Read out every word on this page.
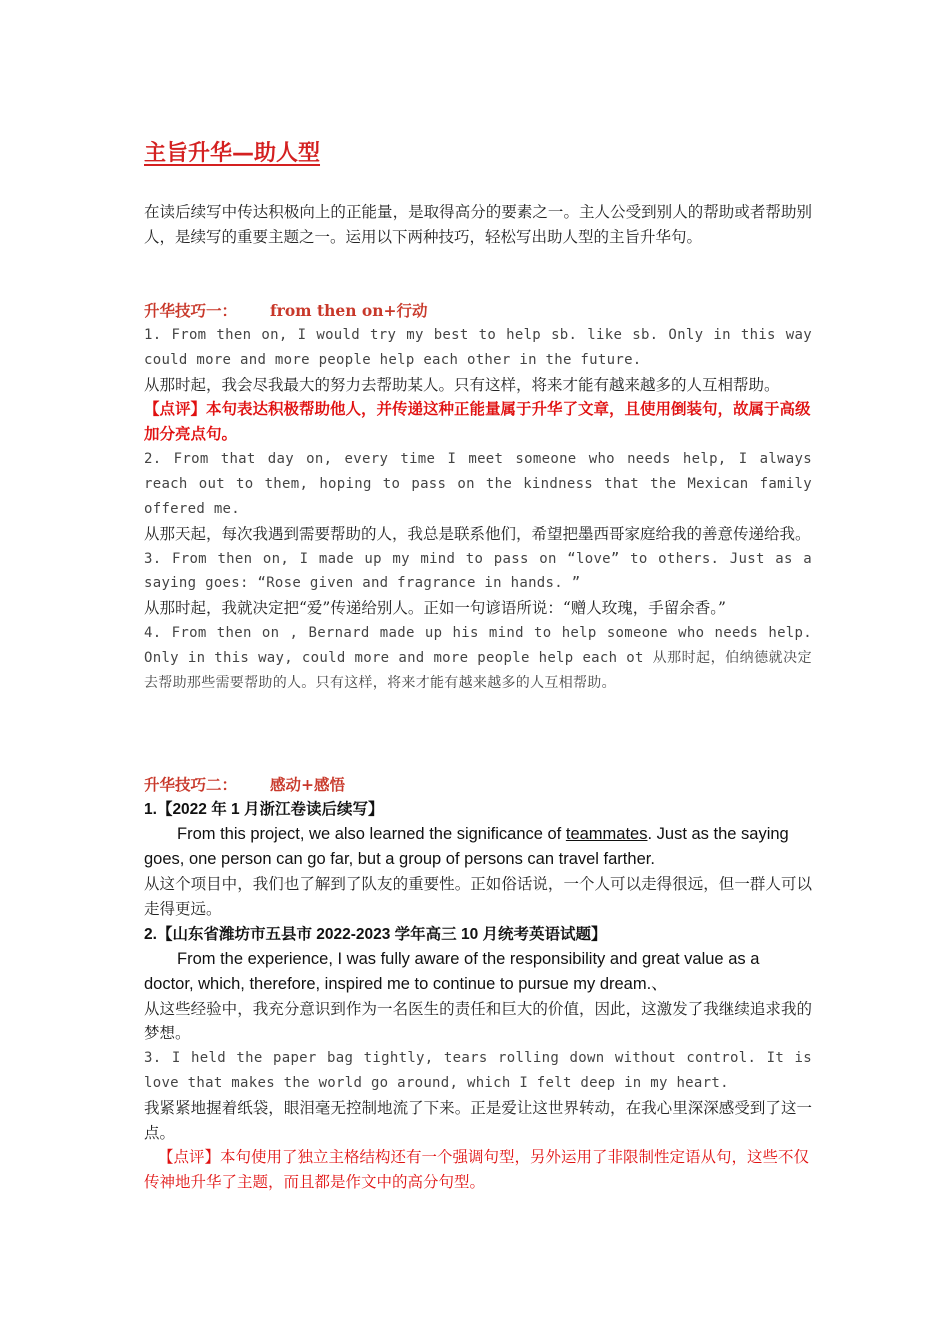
主旨升华—助人型

在读后续写中传达积极向上的正能量，是取得高分的要素之一。主人公受到别人的帮助或者帮助别人，是续写的重要主题之一。运用以下两种技巧，轻松写出助人型的主旨升华句。

升华技巧一： from then on+行动
1. From then on, I would try my best to help sb. like sb. Only in this way could more and more people help each other in the future.
从那时起，我会尽我最大的努力去帮助某人。只有这样，将来才能有越来越多的人互相帮助。
【点评】本句表达积极帮助他人，并传递这种正能量属于升华了文章，且使用倒装句，故属于高级加分亮点句。
2. From that day on, every time I meet someone who needs help, I always reach out to them, hoping to pass on the kindness that the Mexican family offered me.
从那天起，每次我遇到需要帮助的人，我总是联系他们，希望把墨西哥家庭给我的善意传递给我。
3. From then on, I made up my mind to pass on “love” to others. Just as a saying goes: “Rose given and fragrance in hands. ”
从那时起，我就决定把“爱”传递给别人。正如一句谚语所说：“赠人玫瑰，手留余香。”
4. From then on , Bernard made up his mind to help someone who needs help. Only in this way, could more and more people help each ot 从那时起，伯纳德就决定去帮助那些需要帮助的人。只有这样，将来才能有越来越多的人互相帮助。
升华技巧二： 感动+感悟
1.【2022 年 1 月浙江卷读后续写】
From this project, we also learned the significance of teammates. Just as the saying goes, one person can go far, but a group of persons can travel farther.
从这个项目中，我们也了解到了队友的重要性。正如俗话说，一个人可以走得很远，但一群人可以走得更远。
2.【山东省潍坊市五县市 2022-2023 学年高三 10 月统考英语试题】
From the experience, I was fully aware of the responsibility and great value as a doctor, which, therefore, inspired me to continue to pursue my dream.、
从这些经验中，我充分意识到作为一名医生的责任和巨大的价值，因此，这激发了我继续追求我的梦想。
3. I held the paper bag tightly, tears rolling down without control. It is love that makes the world go around, which I felt deep in my heart.
我紧紧地握着纸袋，眼泪毫无控制地流了下来。正是爱让这世界转动，在我心里深深感受到了这一点。
【点评】本句使用了独立主格结构还有一个强调句型，另外运用了非限制性定语从句，这些不仅传神地升华了主题，而且都是作文中的高分句型。
